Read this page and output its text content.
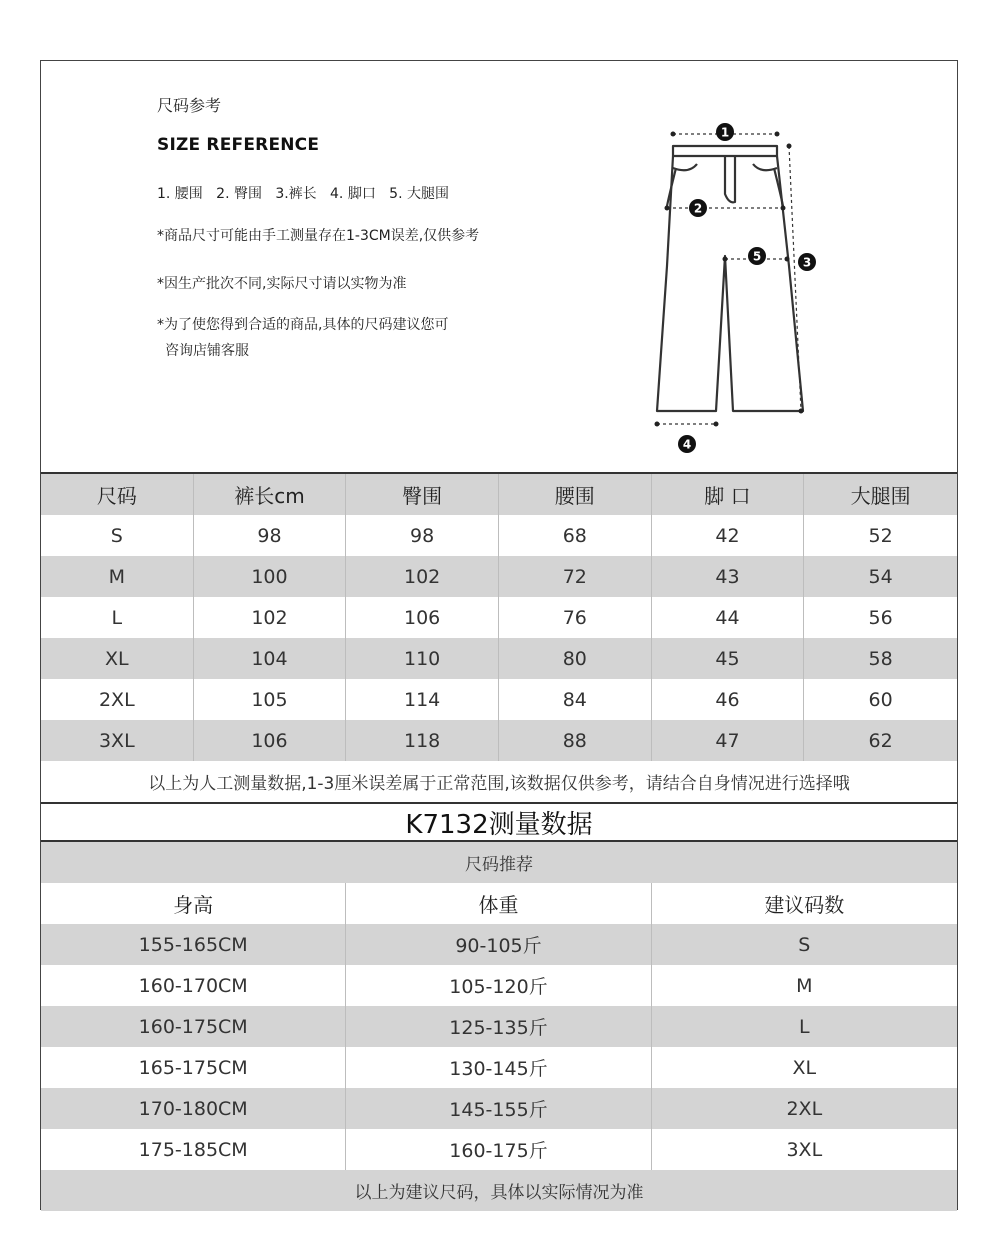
尺码参考
SIZE REFERENCE
1. 腰围   2. 臀围   3.裤长   4. 脚口   5. 大腿围
*商品尺寸可能由手工测量存在1-3CM误差,仅供参考
*因生产批次不同,实际尺寸请以实物为准
*为了使您得到合适的商品,具体的尺码建议您可
咨询店铺客服
1
2
3
4
5
尺码	裤长cm	臀围	腰围	脚 口	大腿围
S	98	98	68	42	52
M	100	102	72	43	54
L	102	106	76	44	56
XL	104	110	80	45	58
2XL	105	114	84	46	60
3XL	106	118	88	47	62
以上为人工测量数据,1-3厘米误差属于正常范围,该数据仅供参考，请结合自身情况进行选择哦
K7132测量数据
尺码推荐
身高	体重	建议码数
155-165CM	90-105斤	S
160-170CM	105-120斤	M
160-175CM	125-135斤	L
165-175CM	130-145斤	XL
170-180CM	145-155斤	2XL
175-185CM	160-175斤	3XL
以上为建议尺码，具体以实际情况为准
